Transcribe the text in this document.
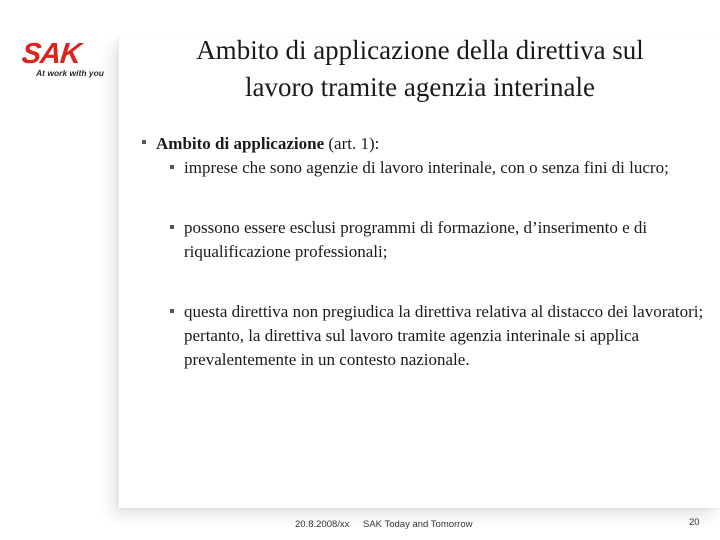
SAK
At work with you
Ambito di applicazione della direttiva sul
lavoro tramite agenzia interinale
Ambito di applicazione (art. 1):
imprese che sono agenzie di lavoro interinale, con o senza fini di lucro;
possono essere esclusi programmi di formazione, d’inserimento e di riqualificazione professionali;
questa direttiva non pregiudica la direttiva relativa al distacco dei lavoratori; pertanto, la direttiva sul lavoro tramite agenzia interinale si applica prevalentemente in un contesto nazionale.
20.8.2008/xx SAK Today and Tomorrow	20
